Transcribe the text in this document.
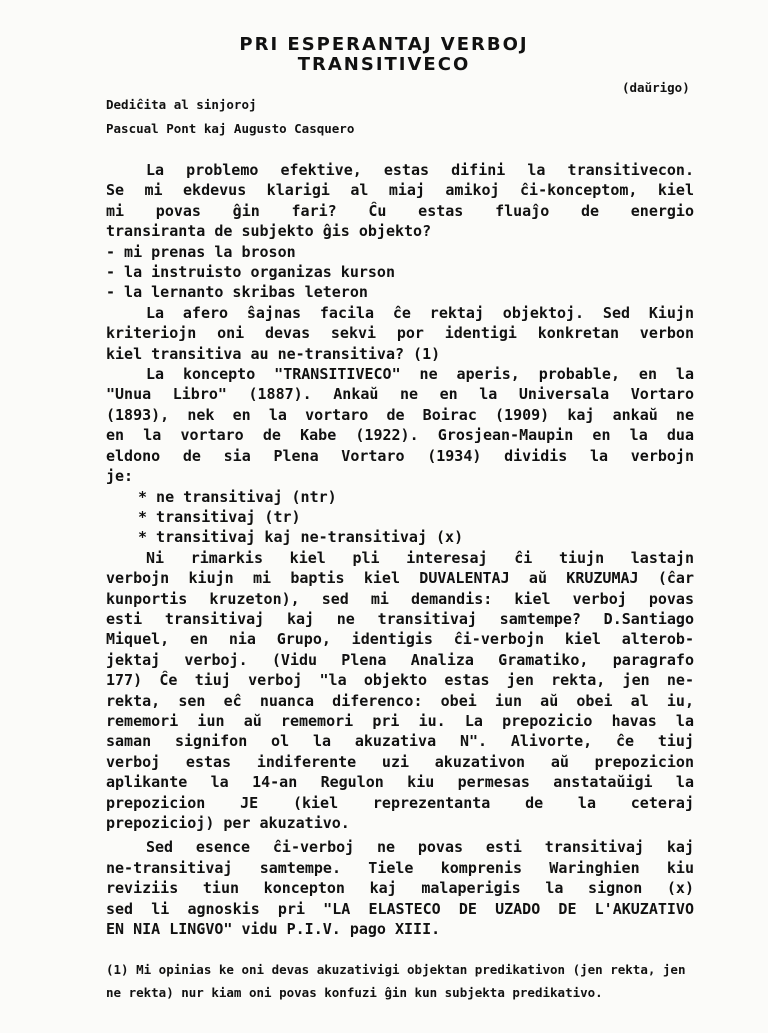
PRI ESPERANTAJ VERBOJ
TRANSITIVECO
(daŭrigo)
Dediĉita al sinjoroj
Pascual Pont kaj Augusto Casquero
La problemo efektive, estas difini la transitivecon.
Se mi ekdevus klarigi al miaj amikoj ĉi-konceptom, kiel
mi povas ĝin fari? Ĉu estas fluaĵo de energio
transiranta de subjekto ĝis objekto?
- mi prenas la broson
- la instruisto organizas kurson
- la lernanto skribas leteron
La afero ŝajnas facila ĉe rektaj objektoj. Sed Kiujn
kriteriojn oni devas sekvi por identigi konkretan verbon
kiel transitiva au ne-transitiva? (1)
La koncepto "TRANSITIVECO" ne aperis, probable, en la
"Unua Libro" (1887). Ankaŭ ne en la Universala Vortaro
(1893), nek en la vortaro de Boirac (1909) kaj ankaŭ ne
en la vortaro de Kabe (1922). Grosjean-Maupin en la dua
eldono de sia Plena Vortaro (1934) dividis la verbojn
je:
* ne transitivaj (ntr)
* transitivaj (tr)
* transitivaj kaj ne-transitivaj (x)
Ni rimarkis kiel pli interesaj ĉi tiujn lastajn
verbojn kiujn mi baptis kiel DUVALENTAJ aŭ KRUZUMAJ (ĉar
kunportis kruzeton), sed mi demandis: kiel verboj povas
esti transitivaj kaj ne transitivaj samtempe? D.Santiago
Miquel, en nia Grupo, identigis ĉi-verbojn kiel alterob-
jektaj verboj. (Vidu Plena Analiza Gramatiko, paragrafo
177) Ĉe tiuj verboj "la objekto estas jen rekta, jen ne-
rekta, sen eĉ nuanca diferenco: obei iun aŭ obei al iu,
rememori iun aŭ rememori pri iu. La prepozicio havas la
saman signifon ol la akuzativa N". Alivorte, ĉe tiuj
verboj estas indiferente uzi akuzativon aŭ prepozicion
aplikante la 14-an Regulon kiu permesas anstataŭigi la
prepozicion JE (kiel reprezentanta de la ceteraj
prepozicioj) per akuzativo.
Sed esence ĉi-verboj ne povas esti transitivaj kaj
ne-transitivaj samtempe. Tiele komprenis Waringhien kiu
reviziis tiun koncepton kaj malaperigis la signon (x)
sed li agnoskis pri "LA ELASTECO DE UZADO DE L'AKUZATIVO
EN NIA LINGVO" vidu P.I.V. pago XIII.
(1) Mi opinias ke oni devas akuzativigi objektan predikativon (jen rekta, jen
ne rekta) nur kiam oni povas konfuzi ĝin kun subjekta predikativo.
